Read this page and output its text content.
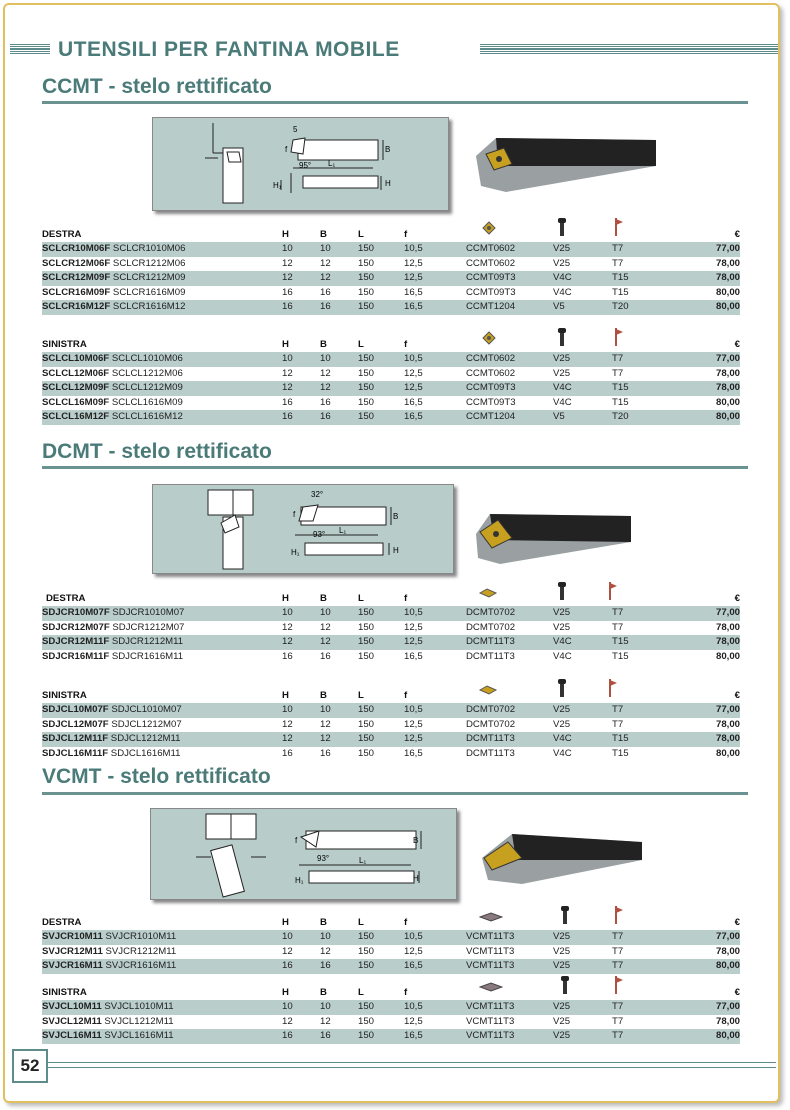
UTENSILI PER FANTINA MOBILE
CCMT - stelo rettificato
5
95° L₁
H₁	H
B
f
DESTRA	H	B	L	f	€
SCLCR10M06F SCLCR1010M06	10	10	150	10,5	CCMT0602	V25	T7	77,00
SCLCR12M06F SCLCR1212M06	12	12	150	12,5	CCMT0602	V25	T7	78,00
SCLCR12M09F SCLCR1212M09	12	12	150	12,5	CCMT09T3	V4C	T15	78,00
SCLCR16M09F SCLCR1616M09	16	16	150	16,5	CCMT09T3	V4C	T15	80,00
SCLCR16M12F SCLCR1616M12	16	16	150	16,5	CCMT1204	V5	T20	80,00
SINISTRA	H	B	L	f	€
SCLCL10M06F SCLCL1010M06	10	10	150	10,5	CCMT0602	V25	T7	77,00
SCLCL12M06F SCLCL1212M06	12	12	150	12,5	CCMT0602	V25	T7	78,00
SCLCL12M09F SCLCL1212M09	12	12	150	12,5	CCMT09T3	V4C	T15	78,00
SCLCL16M09F SCLCL1616M09	16	16	150	16,5	CCMT09T3	V4C	T15	80,00
SCLCL16M12F SCLCL1616M12	16	16	150	16,5	CCMT1204	V5	T20	80,00
DCMT - stelo rettificato
32°
93° L₁
H₁	H
B
f
DESTRA	H	B	L	f	€
SDJCR10M07F SDJCR1010M07	10	10	150	10,5	DCMT0702	V25	T7	77,00
SDJCR12M07F SDJCR1212M07	12	12	150	12,5	DCMT0702	V25	T7	78,00
SDJCR12M11F SDJCR1212M11	12	12	150	12,5	DCMT11T3	V4C	T15	78,00
SDJCR16M11F SDJCR1616M11	16	16	150	16,5	DCMT11T3	V4C	T15	80,00
SINISTRA	H	B	L	f	€
SDJCL10M07F SDJCL1010M07	10	10	150	10,5	DCMT0702	V25	T7	77,00
SDJCL12M07F SDJCL1212M07	12	12	150	12,5	DCMT0702	V25	T7	78,00
SDJCL12M11F SDJCL1212M11	12	12	150	12,5	DCMT11T3	V4C	T15	78,00
SDJCL16M11F SDJCL1616M11	16	16	150	16,5	DCMT11T3	V4C	T15	80,00
VCMT - stelo rettificato
93°	L₁
H₁	H
B
f
DESTRA	H	B	L	f	€
SVJCR10M11 SVJCR1010M11	10	10	150	10,5	VCMT11T3	V25	T7	77,00
SVJCR12M11 SVJCR1212M11	12	12	150	12,5	VCMT11T3	V25	T7	78,00
SVJCR16M11 SVJCR1616M11	16	16	150	16,5	VCMT11T3	V25	T7	80,00
SINISTRA	H	B	L	f	€
SVJCL10M11 SVJCL1010M11	10	10	150	10,5	VCMT11T3	V25	T7	77,00
SVJCL12M11 SVJCL1212M11	12	12	150	12,5	VCMT11T3	V25	T7	78,00
SVJCL16M11 SVJCL1616M11	16	16	150	16,5	VCMT11T3	V25	T7	80,00
52
